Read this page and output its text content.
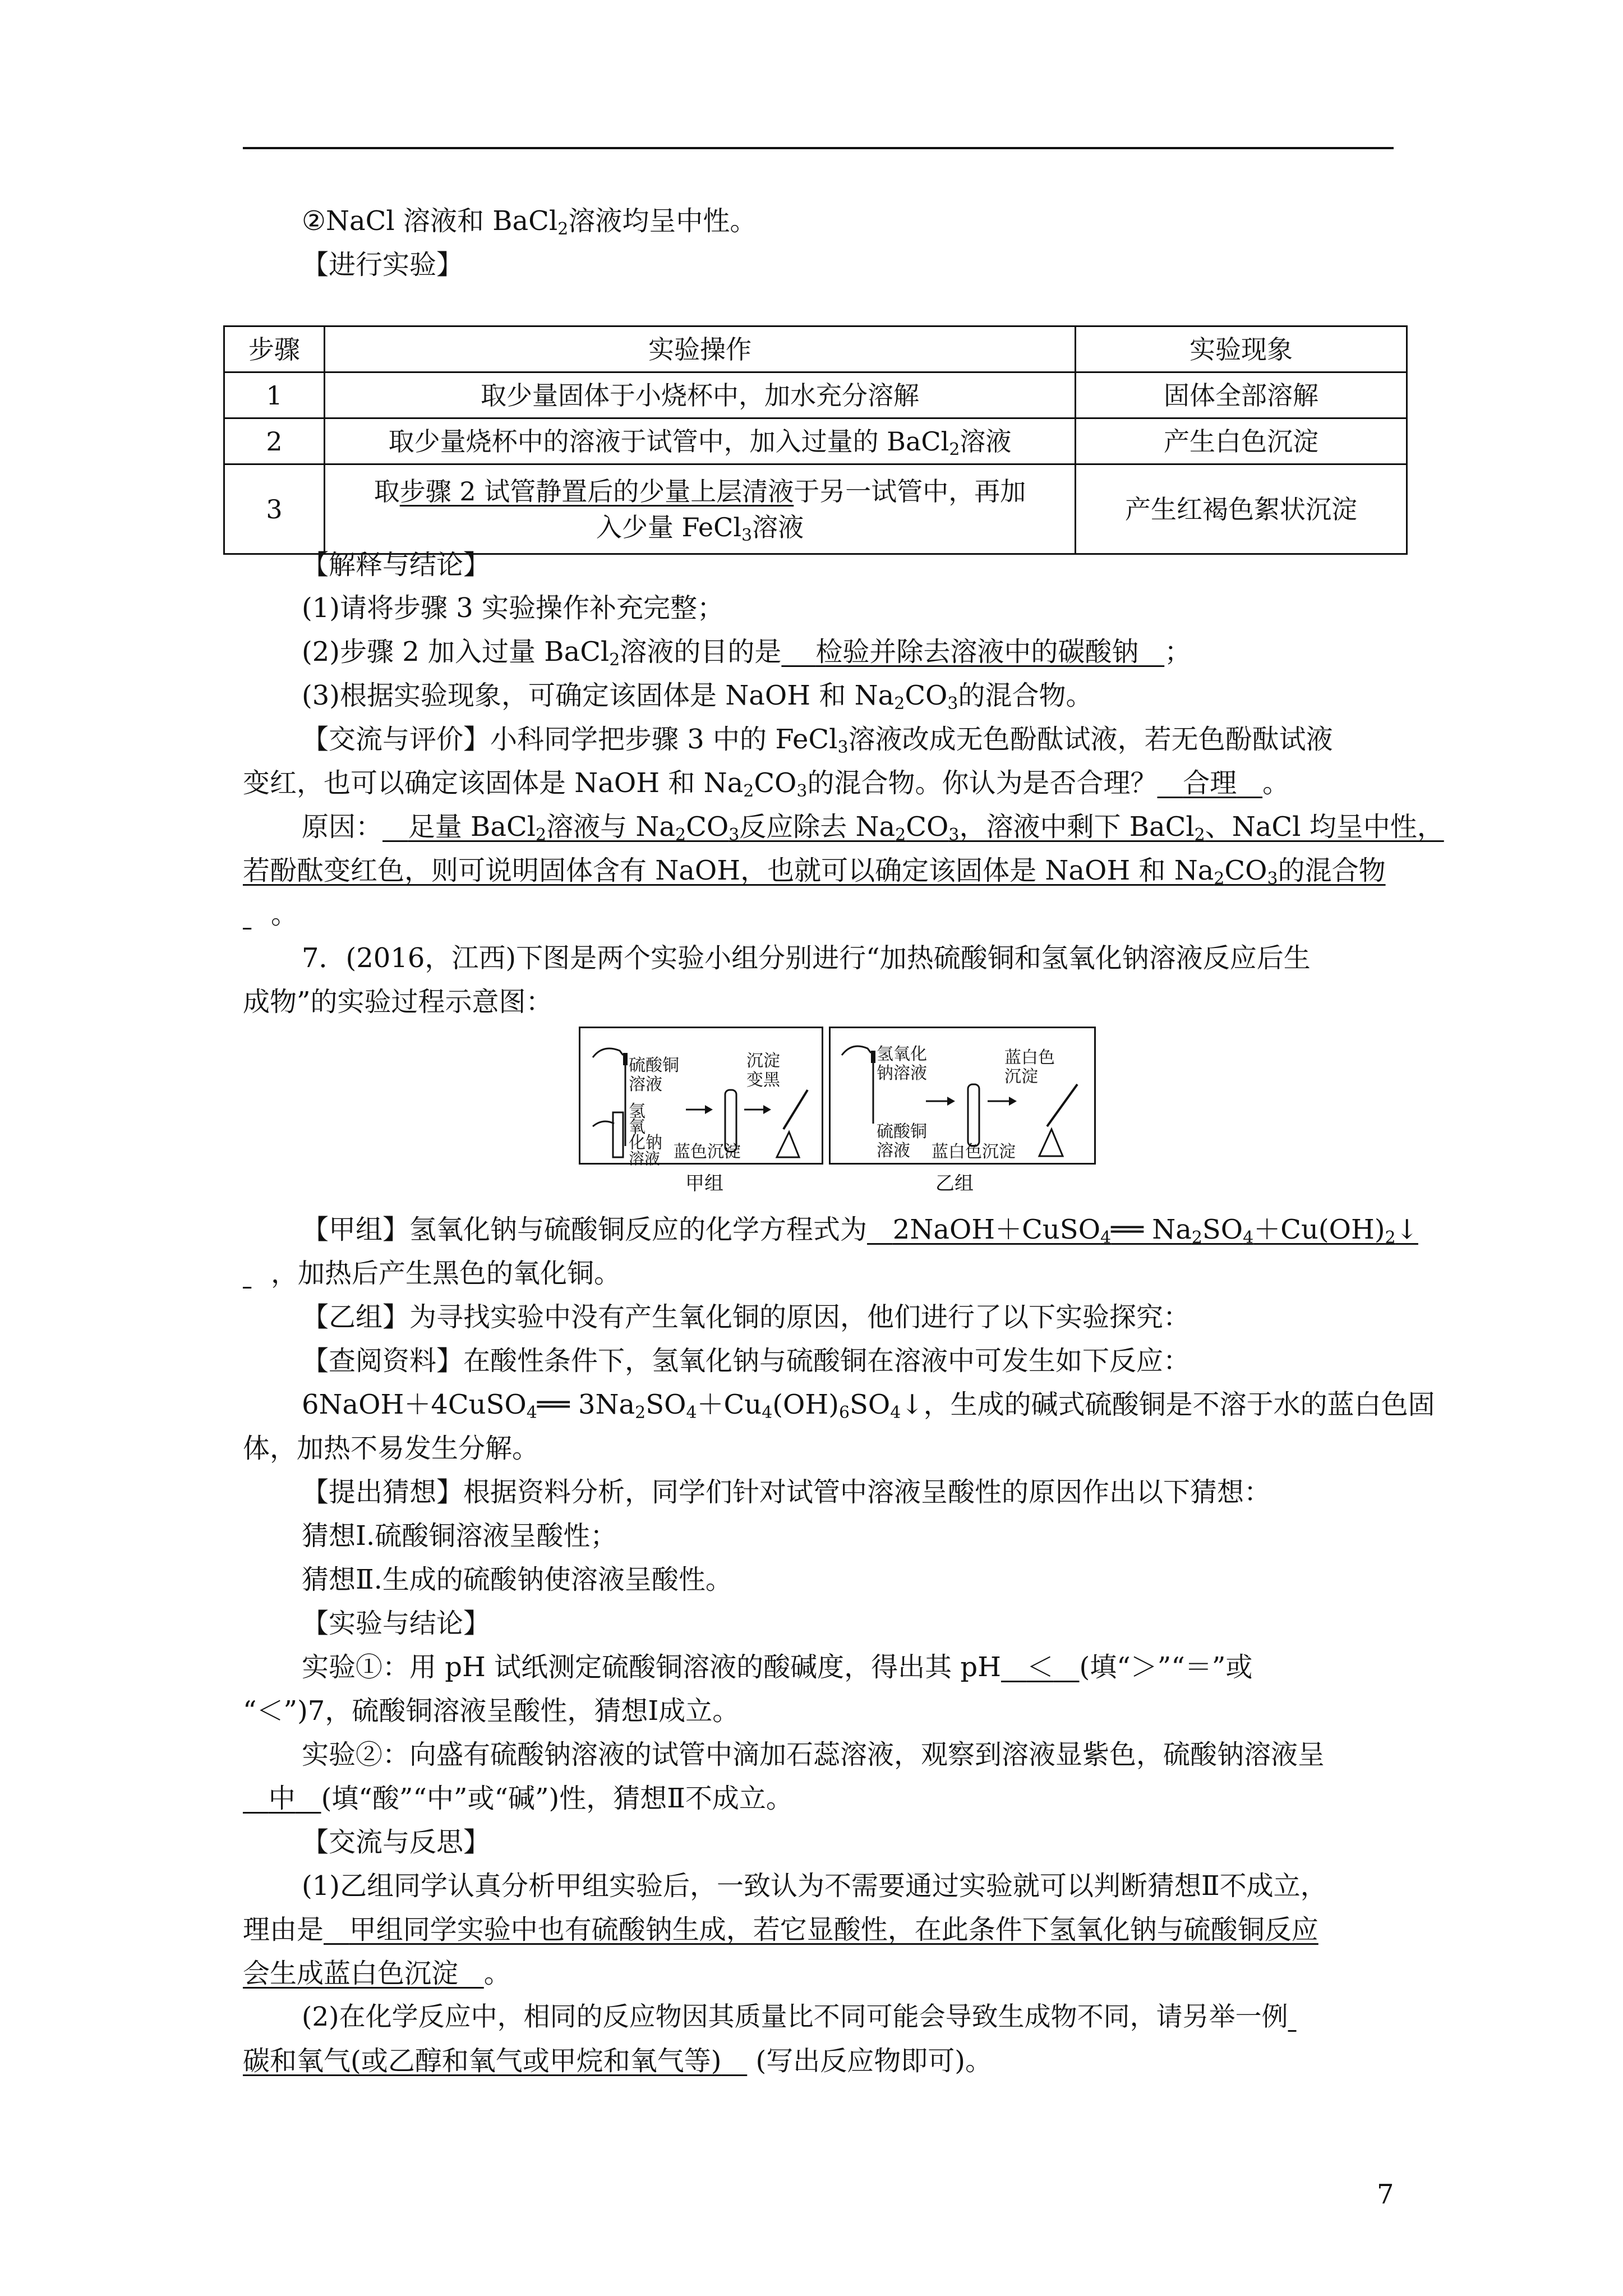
②NaCl 溶液和 BaCl$_2$溶液均呈中性。
【进行实验】
步骤	实验操作	实验现象
1	取少量固体于小烧杯中，加水充分溶解	固体全部溶解
2	取少量烧杯中的溶液于试管中，加入过量的 BaCl$_2$溶液	产生白色沉淀
3	取步骤 2 试管静置后的少量上层清液于另一试管中，再加
入少量 FeCl$_3$溶液	产生红褐色絮状沉淀
【解释与结论】
(1)请将步骤 3 实验操作补充完整；
(2)步骤 2 加入过量 BaCl$_2$溶液的目的是 检验并除去溶液中的碳酸钠 ；
(3)根据实验现象，可确定该固体是 NaOH 和 $Na_2CO_3$的混合物。
【交流与评价】小科同学把步骤 3 中的 FeCl$_3$溶液改成无色酚酞试液，若无色酚酞试液
变红，也可以确定该固体是 NaOH 和 $Na_2CO_3$的混合物。你认为是否合理？ 合理 。
原因： 足量 BaCl$_2$溶液与 $Na_2CO_3$反应除去 $Na_2CO_3$，溶液中剩下 BaCl$_2$、NaCl 均呈中性，
若酚酞变红色，则可说明固体含有 NaOH，也就可以确定该固体是 NaOH 和 $Na_2CO_3$的混合物
。
7．(2016，江西)下图是两个实验小组分别进行“加热硫酸铜和氢氧化钠溶液反应后生
成物”的实验过程示意图：
硫酸铜
溶液
沉淀
变黑
氢
氧
化钠
溶液 蓝色沉淀
甲组
氢氧化
钠溶液
蓝白色
沉淀
硫酸铜
溶液 蓝白色沉淀
乙组
【甲组】氢氧化钠与硫酸铜反应的化学方程式为 2NaOH＋CuSO$_4$══ $Na_2SO_4+Cu(OH)_2↓$
，加热后产生黑色的氧化铜。
【乙组】为寻找实验中没有产生氧化铜的原因，他们进行了以下实验探究：
【查阅资料】在酸性条件下，氢氧化钠与硫酸铜在溶液中可发生如下反应：
6NaOH＋4CuSO$_4$══ $3Na_2SO_4+Cu_4(OH)_6SO_4↓$，生成的碱式硫酸铜是不溶于水的蓝白色固
体，加热不易发生分解。
【提出猜想】根据资料分析，同学们针对试管中溶液呈酸性的原因作出以下猜想：
猜想Ⅰ.硫酸铜溶液呈酸性；
猜想Ⅱ.生成的硫酸钠使溶液呈酸性。
【实验与结论】
实验①：用 pH 试纸测定硫酸铜溶液的酸碱度，得出其 pH ＜ (填“＞”“＝”或
“＜”)7，硫酸铜溶液呈酸性，猜想Ⅰ成立。
实验②：向盛有硫酸钠溶液的试管中滴加石蕊溶液，观察到溶液显紫色，硫酸钠溶液呈
中 (填“酸”“中”或“碱”)性，猜想Ⅱ不成立。
【交流与反思】
(1)乙组同学认真分析甲组实验后，一致认为不需要通过实验就可以判断猜想Ⅱ不成立，
理由是 甲组同学实验中也有硫酸钠生成，若它显酸性，在此条件下氢氧化钠与硫酸铜反应
会生成蓝白色沉淀 。
(2)在化学反应中，相同的反应物因其质量比不同可能会导致生成物不同，请另举一例
碳和氧气(或乙醇和氧气或甲烷和氧气等) (写出反应物即可)。
7
